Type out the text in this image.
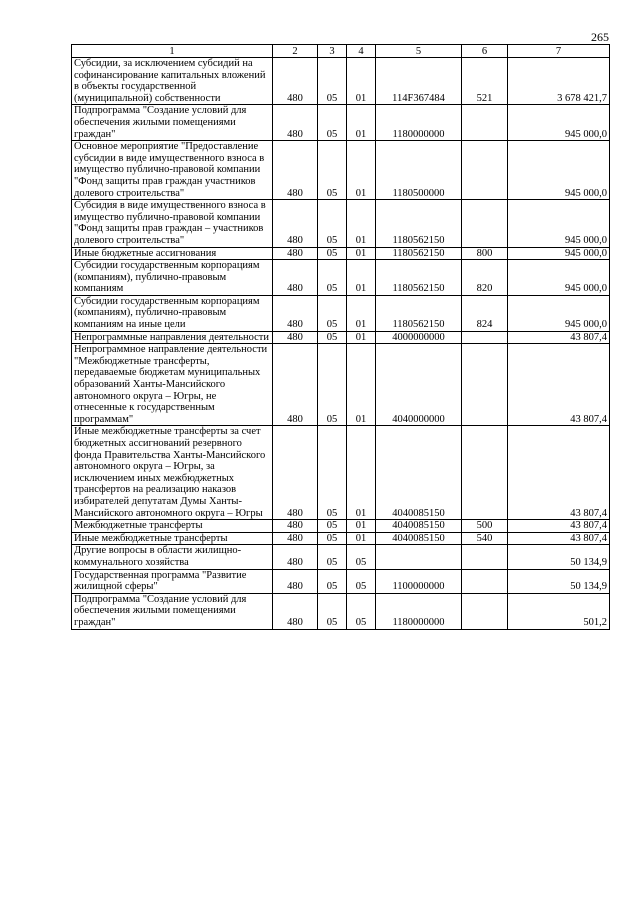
265
1	2	3	4	5	6	7
Субсидии, за исключением субсидий на софинансирование капитальных вложений в объекты государственной (муниципальной) собственности	480	05	01	114F367484	521	3 678 421,7
Подпрограмма "Создание условий для обеспечения жилыми помещениями граждан"	480	05	01	1180000000		945 000,0
Основное мероприятие "Предоставление субсидии в виде имущественного взноса в имущество публично-правовой компании "Фонд защиты прав граждан участников долевого строительства"	480	05	01	1180500000		945 000,0
Субсидия в виде имущественного взноса в имущество публично-правовой компании "Фонд защиты прав граждан – участников долевого строительства"	480	05	01	1180562150		945 000,0
Иные бюджетные ассигнования	480	05	01	1180562150	800	945 000,0
Субсидии государственным корпорациям (компаниям), публично-правовым компаниям	480	05	01	1180562150	820	945 000,0
Субсидии государственным корпорациям (компаниям), публично-правовым компаниям на иные цели	480	05	01	1180562150	824	945 000,0
Непрограммные направления деятельности	480	05	01	4000000000		43 807,4
Непрограммное направление деятельности "Межбюджетные трансферты, передаваемые бюджетам муниципальных образований Ханты-Мансийского автономного округа – Югры, не отнесенные к государственным программам"	480	05	01	4040000000		43 807,4
Иные межбюджетные трансферты за счет бюджетных ассигнований резервного фонда Правительства Ханты-Мансийского автономного округа – Югры, за исключением иных межбюджетных трансфертов на реализацию наказов избирателей депутатам Думы Ханты-Мансийского автономного округа – Югры	480	05	01	4040085150		43 807,4
Межбюджетные трансферты	480	05	01	4040085150	500	43 807,4
Иные межбюджетные трансферты	480	05	01	4040085150	540	43 807,4
Другие вопросы в области жилищно-коммунального хозяйства	480	05	05			50 134,9
Государственная программа "Развитие жилищной сферы"	480	05	05	1100000000		50 134,9
Подпрограмма "Создание условий для обеспечения жилыми помещениями граждан"	480	05	05	1180000000		501,2
